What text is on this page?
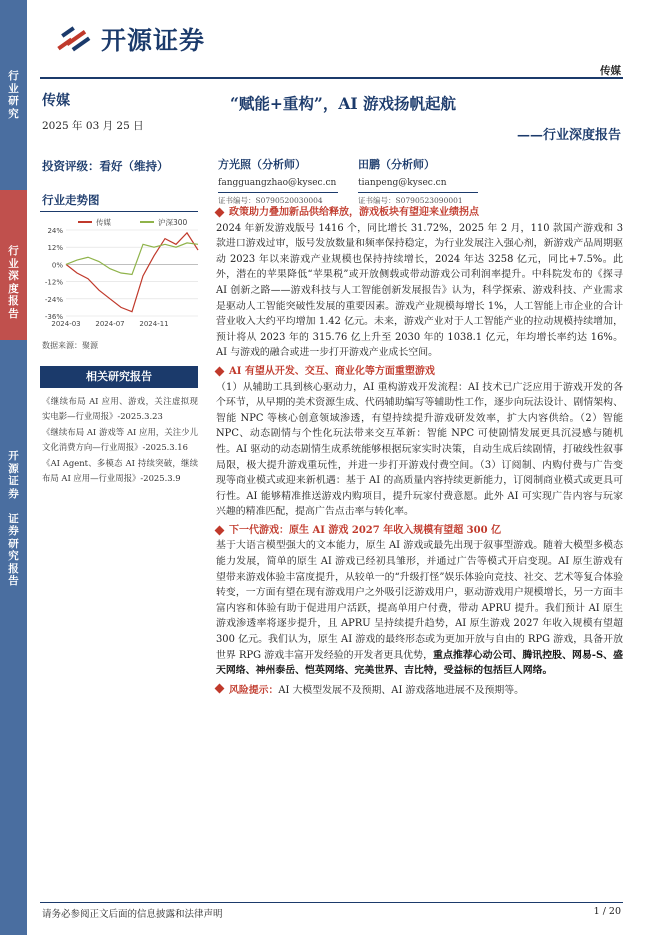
行
业
研
究
行
业
深
度
报
告
开
源
证
券

证
券
研
究
报
告
开源证券
传媒
传媒
2025 年 03 月 25 日
“赋能+重构”，AI 游戏扬帆起航
——行业深度报告
投资评级：看好（维持）	方光照（分析师）
fangguangzhao@kysec.cn
证书编号：S0790520030004
田鹏（分析师）
tianpeng@kysec.cn
证书编号：S0790523090001
行业走势图
24%
12%
0%
-12%
-24%
-36%
2024-03 2024-07 2024-11
传媒	沪深300
数据来源：聚源
相关研究报告
《继续布局 AI 应用、游戏，关注虚拟现实电影—行业周报》-2025.3.23
《继续布局 AI 游戏等 AI 应用，关注少儿文化消费方向—行业周报》-2025.3.16
《AI Agent、多模态 AI 持续突破，继续布局 AI 应用—行业周报》-2025.3.9
政策助力叠加新品供给释放，游戏板块有望迎来业绩拐点
2024 年新发游戏版号 1416 个，同比增长 31.72%，2025 年 2 月，110 款国产游戏和 3 款进口游戏过审，版号发放数量和频率保持稳定，为行业发展注入强心剂，新游戏产品周期驱动 2023 年以来游戏产业规模也保持持续增长，2024 年达 3258 亿元，同比+7.5%。此外，潜在的苹果降低“苹果税”或开放侧载或带动游戏公司利润率提升。中科院发布的《探寻 AI 创新之路——游戏科技与人工智能创新发展报告》认为，科学探索、游戏科技、产业需求是驱动人工智能突破性发展的重要因素。游戏产业规模每增长 1%，人工智能上市企业的合计营业收入大约平均增加 1.42 亿元。未来，游戏产业对于人工智能产业的拉动规模持续增加，预计将从 2023 年的 315.76 亿上升至 2030 年的 1038.1 亿元，年均增长率约达 16%。AI 与游戏的融合或进一步打开游戏产业成长空间。
AI 有望从开发、交互、商业化等方面重塑游戏
（1）从辅助工具到核心驱动力，AI 重构游戏开发流程：AI 技术已广泛应用于游戏开发的各个环节，从早期的美术资源生成、代码辅助编写等辅助性工作，逐步向玩法设计、剧情架构、智能 NPC 等核心创意领域渗透，有望持续提升游戏研发效率，扩大内容供给。（2）智能 NPC、动态剧情与个性化玩法带来交互革新：智能 NPC 可使剧情发展更具沉浸感与随机性。AI 驱动的动态剧情生成系统能够根据玩家实时决策，自动生成后续剧情，打破线性叙事局限，极大提升游戏重玩性，并进一步打开游戏付费空间。（3）订阅制、内购付费与广告变现等商业模式或迎来新机遇：基于 AI 的高质量内容持续更新能力，订阅制商业模式或更具可行性。AI 能够精准推送游戏内购项目，提升玩家付费意愿。此外 AI 可实现广告内容与玩家兴趣的精准匹配，提高广告点击率与转化率。
下一代游戏：原生 AI 游戏 2027 年收入规模有望超 300 亿
基于大语言模型强大的文本能力，原生 AI 游戏或最先出现于叙事型游戏。随着大模型多模态能力发展，简单的原生 AI 游戏已经初具雏形，并通过广告等模式开启变现。AI 原生游戏有望带来游戏体验丰富度提升，从较单一的“升级打怪”娱乐体验向竞技、社交、艺术等复合体验转变，一方面有望在现有游戏用户之外吸引泛游戏用户，驱动游戏用户规模增长，另一方面丰富内容和体验有助于促进用户活跃，提高单用户付费，带动 APRU 提升。我们预计 AI 原生游戏渗透率将逐步提升，且 APRU 呈持续提升趋势，AI 原生游戏 2027 年收入规模有望超 300 亿元。我们认为，原生 AI 游戏的最终形态或为更加开放与自由的 RPG 游戏，具备开放世界 RPG 游戏丰富开发经验的开发者更具优势，重点推荐心动公司、腾讯控股、网易-S、盛天网络、神州泰岳、恺英网络、完美世界、吉比特，受益标的包括巨人网络。
风险提示： AI 大模型发展不及预期、AI 游戏落地进展不及预期等。
请务必参阅正文后面的信息披露和法律声明	1 / 20
